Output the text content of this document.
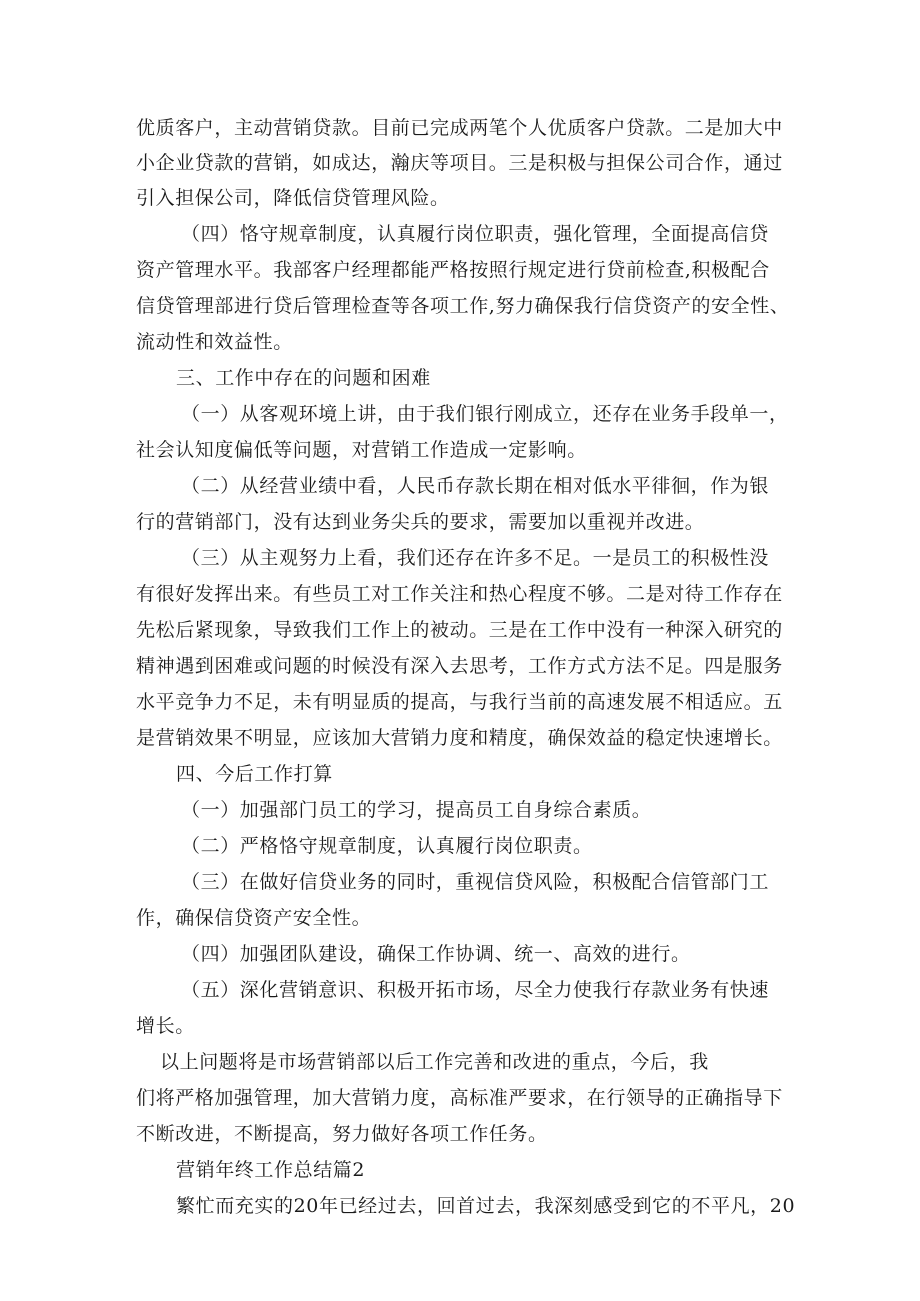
优质客户，主动营销贷款。目前已完成两笔个人优质客户贷款。二是加大中
小企业贷款的营销，如成达，瀚庆等项目。三是积极与担保公司合作，通过
引入担保公司，降低信贷管理风险。
（四）恪守规章制度，认真履行岗位职责，强化管理，全面提高信贷
资产管理水平。我部客户经理都能严格按照行规定进行贷前检查,积极配合
信贷管理部进行贷后管理检查等各项工作,努力确保我行信贷资产的安全性、
流动性和效益性。
三、工作中存在的问题和困难
（一）从客观环境上讲，由于我们银行刚成立，还存在业务手段单一，
社会认知度偏低等问题，对营销工作造成一定影响。
（二）从经营业绩中看，人民币存款长期在相对低水平徘徊，作为银
行的营销部门，没有达到业务尖兵的要求，需要加以重视并改进。
（三）从主观努力上看，我们还存在许多不足。一是员工的积极性没
有很好发挥出来。有些员工对工作关注和热心程度不够。二是对待工作存在
先松后紧现象，导致我们工作上的被动。三是在工作中没有一种深入研究的
精神遇到困难或问题的时候没有深入去思考，工作方式方法不足。四是服务
水平竞争力不足，未有明显质的提高，与我行当前的高速发展不相适应。五
是营销效果不明显，应该加大营销力度和精度，确保效益的稳定快速增长。
四、今后工作打算
（一）加强部门员工的学习，提高员工自身综合素质。
（二）严格恪守规章制度，认真履行岗位职责。
（三）在做好信贷业务的同时，重视信贷风险，积极配合信管部门工
作，确保信贷资产安全性。
（四）加强团队建设，确保工作协调、统一、高效的进行。
（五）深化营销意识、积极开拓市场，尽全力使我行存款业务有快速
增长。
以上问题将是市场营销部以后工作完善和改进的重点，今后，我
们将严格加强管理，加大营销力度，高标准严要求，在行领导的正确指导下
不断改进，不断提高，努力做好各项工作任务。
营销年终工作总结篇2
繁忙而充实的20年已经过去，回首过去，我深刻感受到它的不平凡，20
